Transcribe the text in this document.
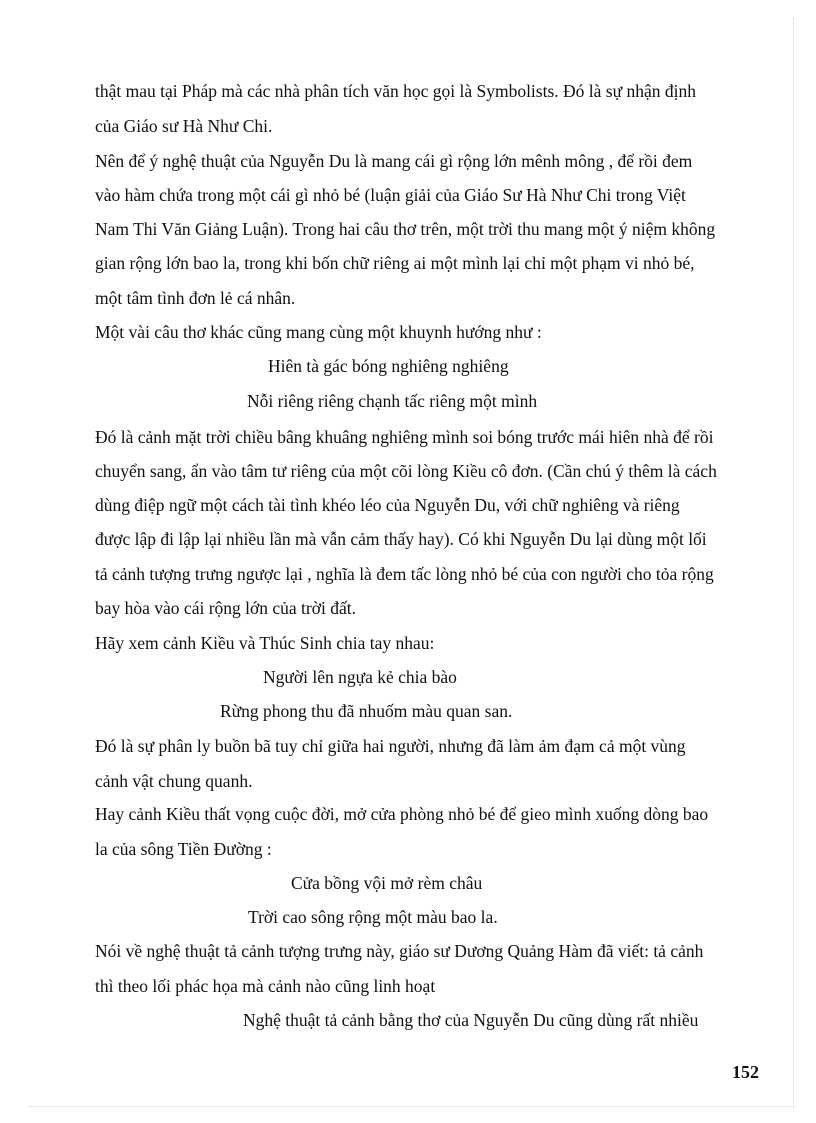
thật mau tại Pháp mà các nhà phân tích văn học gọi là Symbolists. Đó là sự nhận định

của Giáo sư Hà Như Chi.

Nên để ý nghệ thuật của Nguyễn Du là mang cái gì rộng lớn mênh mông , để rồi đem

vào hàm chứa trong một cái gì nhỏ bé (luận giải của Giáo Sư Hà Như Chi trong Việt

Nam Thi Văn Giảng Luận). Trong hai câu thơ trên, một trời thu mang một ý niệm không

gian rộng lớn bao la, trong khi bốn chữ riêng ai một mình lại chỉ một phạm vi nhỏ bé,

một tâm tình đơn lẻ cá nhân.

Một vài câu thơ khác cũng mang cùng một khuynh hướng như :

Hiên tà gác bóng nghiêng nghiêng

Nỗi riêng riêng chạnh tấc riêng một mình

Đó là cảnh mặt trời chiều bâng khuâng nghiêng mình soi bóng trước mái hiên nhà để rồi

chuyển sang, ẩn vào tâm tư riêng của một cõi lòng Kiều cô đơn. (Cần chú ý thêm là cách

dùng điệp ngữ một cách tài tình khéo léo của Nguyễn Du, với chữ nghiêng và riêng

được lập đi lập lại nhiều lần mà vẫn cảm thấy hay). Có khi Nguyễn Du lại dùng một lối

tả cảnh tượng trưng ngược lại , nghĩa là đem tấc lòng nhỏ bé của con người cho tỏa rộng

bay hòa vào cái rộng lớn của trời đất.

Hãy xem cảnh Kiều và Thúc Sinh chia tay nhau:

Người lên ngựa kẻ chia bào

Rừng phong thu đã nhuốm màu quan san.

Đó là sự phân ly buồn bã tuy chỉ giữa hai người, nhưng đã làm ảm đạm cả một vùng

cảnh vật chung quanh.

Hay cảnh Kiều thất vọng cuộc đời, mở cửa phòng nhỏ bé để gieo mình xuống dòng bao

la của sông Tiền Đường :

Cửa bồng vội mở rèm châu

Trời cao sông rộng một màu bao la.

Nói về nghệ thuật tả cảnh tượng trưng này, giáo sư Dương Quảng Hàm đã viết: tả cảnh

thì theo lối phác họa mà cảnh nào cũng linh hoạt

Nghệ thuật tả cảnh bằng thơ của Nguyễn Du cũng dùng rất nhiều

152
